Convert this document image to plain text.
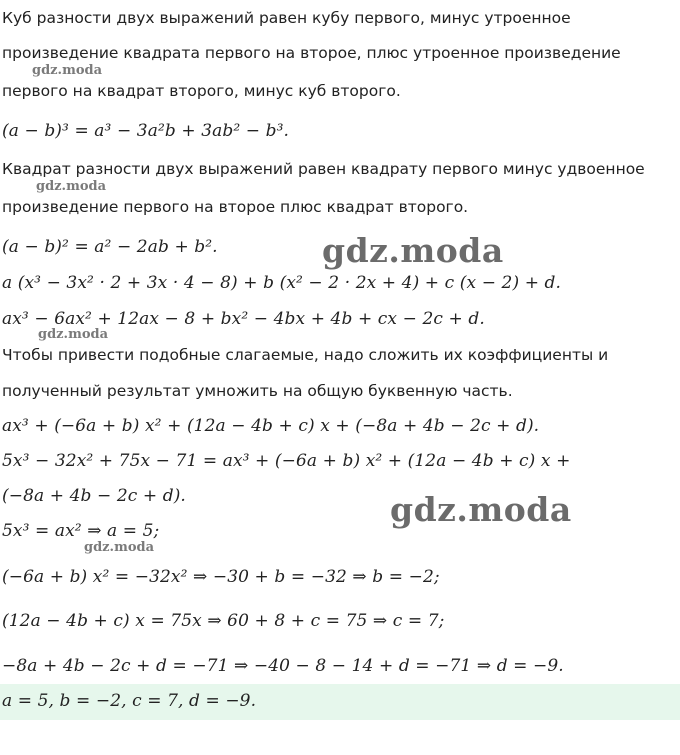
Куб разности двух выражений равен кубу первого, минус утроенное
произведение квадрата первого на второе, плюс утроенное произведение
первого на квадрат второго, минус куб второго.
(a − b)³ = a³ − 3a²b + 3ab² − b³.
Квадрат разности двух выражений равен квадрату первого минус удвоенное
произведение первого на второе плюс квадрат второго.
(a − b)² = a² − 2ab + b².
a (x³ − 3x² · 2 + 3x · 4 − 8) + b (x² − 2 · 2x + 4) + c (x − 2) + d.
ax³ − 6ax² + 12ax − 8 + bx² − 4bx + 4b + cx − 2c + d.
Чтобы привести подобные слагаемые, надо сложить их коэффициенты и
полученный результат умножить на общую буквенную часть.
ax³ + (−6a + b) x² + (12a − 4b + c) x + (−8a + 4b − 2c + d).
5x³ − 32x² + 75x − 71 = ax³ + (−6a + b) x² + (12a − 4b + c) x +
(−8a + 4b − 2c + d).
5x³ = ax² ⇒ a = 5;
(−6a + b) x² = −32x² ⇒ −30 + b = −32 ⇒ b = −2;
(12a − 4b + c) x = 75x ⇒ 60 + 8 + c = 75 ⇒ c = 7;
−8a + 4b − 2c + d = −71 ⇒ −40 − 8 − 14 + d = −71 ⇒ d = −9.
a = 5, b = −2, c = 7, d = −9.
gdz.moda
gdz.moda
gdz.moda
gdz.moda
gdz.moda
gdz.moda
